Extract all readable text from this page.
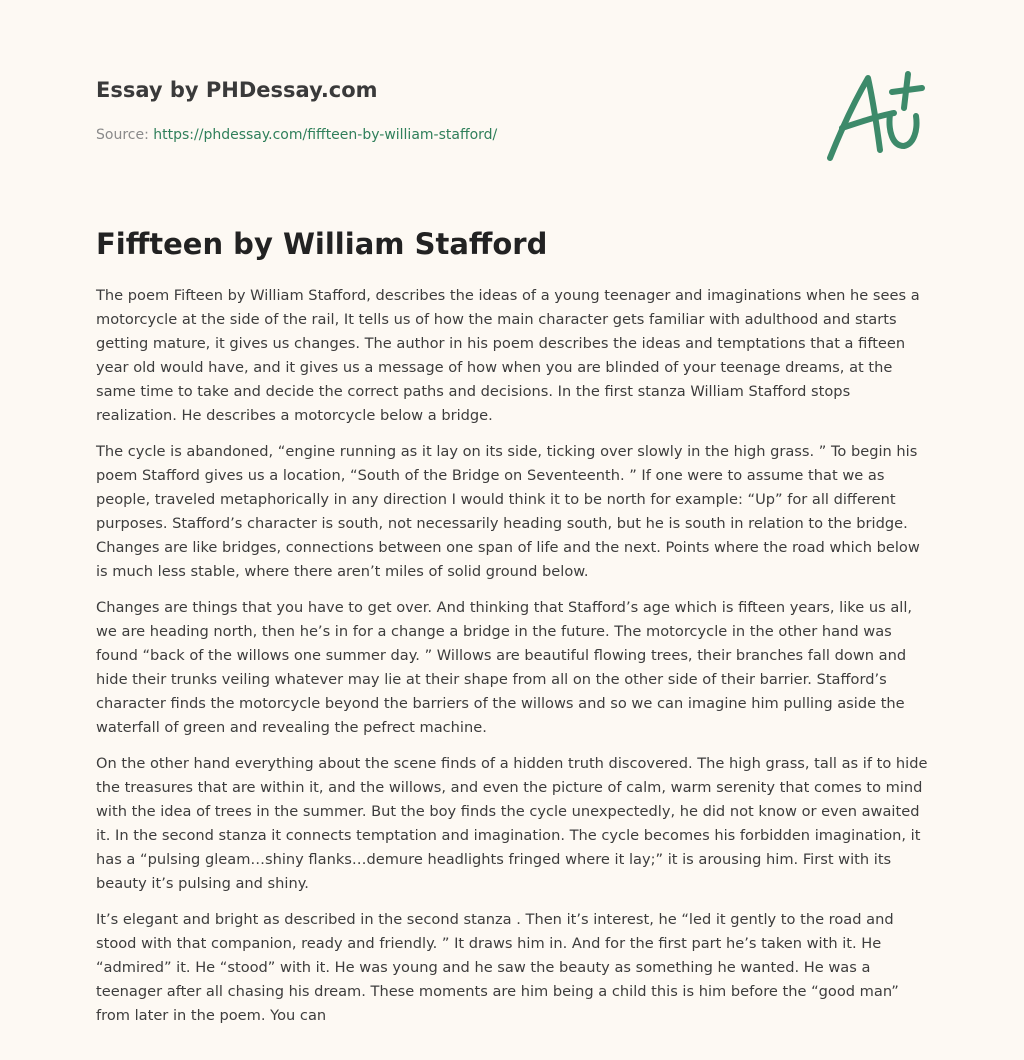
Essay by PHDessay.com
Source: https://phdessay.com/fiffteen-by-william-stafford/
Fiffteen by William Stafford

The poem Fifteen by William Stafford, describes the ideas of a young teenager and imaginations when he sees a motorcycle at the side of the rail, It tells us of how the main character gets familiar with adulthood and starts getting mature, it gives us changes. The author in his poem describes the ideas and temptations that a fifteen year old would have, and it gives us a message of how when you are blinded of your teenage dreams, at the same time to take and decide the correct paths and decisions. In the first stanza William Stafford stops realization. He describes a motorcycle below a bridge.

The cycle is abandoned, “engine running as it lay on its side, ticking over slowly in the high grass. ” To begin his poem Stafford gives us a location, “South of the Bridge on Seventeenth. ” If one were to assume that we as people, traveled metaphorically in any direction I would think it to be north for example: “Up” for all different purposes. Stafford’s character is south, not necessarily heading south, but he is south in relation to the bridge. Changes are like bridges, connections between one span of life and the next. Points where the road which below is much less stable, where there aren’t miles of solid ground below.

Changes are things that you have to get over. And thinking that Stafford’s age which is fifteen years, like us all, we are heading north, then he’s in for a change a bridge in the future. The motorcycle in the other hand was found “back of the willows one summer day. ” Willows are beautiful flowing trees, their branches fall down and hide their trunks veiling whatever may lie at their shape from all on the other side of their barrier. Stafford’s character finds the motorcycle beyond the barriers of the willows and so we can imagine him pulling aside the waterfall of green and revealing the pefrect machine.

On the other hand everything about the scene finds of a hidden truth discovered. The high grass, tall as if to hide the treasures that are within it, and the willows, and even the picture of calm, warm serenity that comes to mind with the idea of trees in the summer. But the boy finds the cycle unexpectedly, he did not know or even awaited it. In the second stanza it connects temptation and imagination. The cycle becomes his forbidden imagination, it has a “pulsing gleam…shiny flanks…demure headlights fringed where it lay;” it is arousing him. First with its beauty it’s pulsing and shiny.

It’s elegant and bright as described in the second stanza . Then it’s interest, he “led it gently to the road and stood with that companion, ready and friendly. ” It draws him in. And for the first part he’s taken with it. He “admired” it. He “stood” with it. He was young and he saw the beauty as something he wanted. He was a teenager after all chasing his dream. These moments are him being a child this is him before the “good man” from later in the poem. You can
